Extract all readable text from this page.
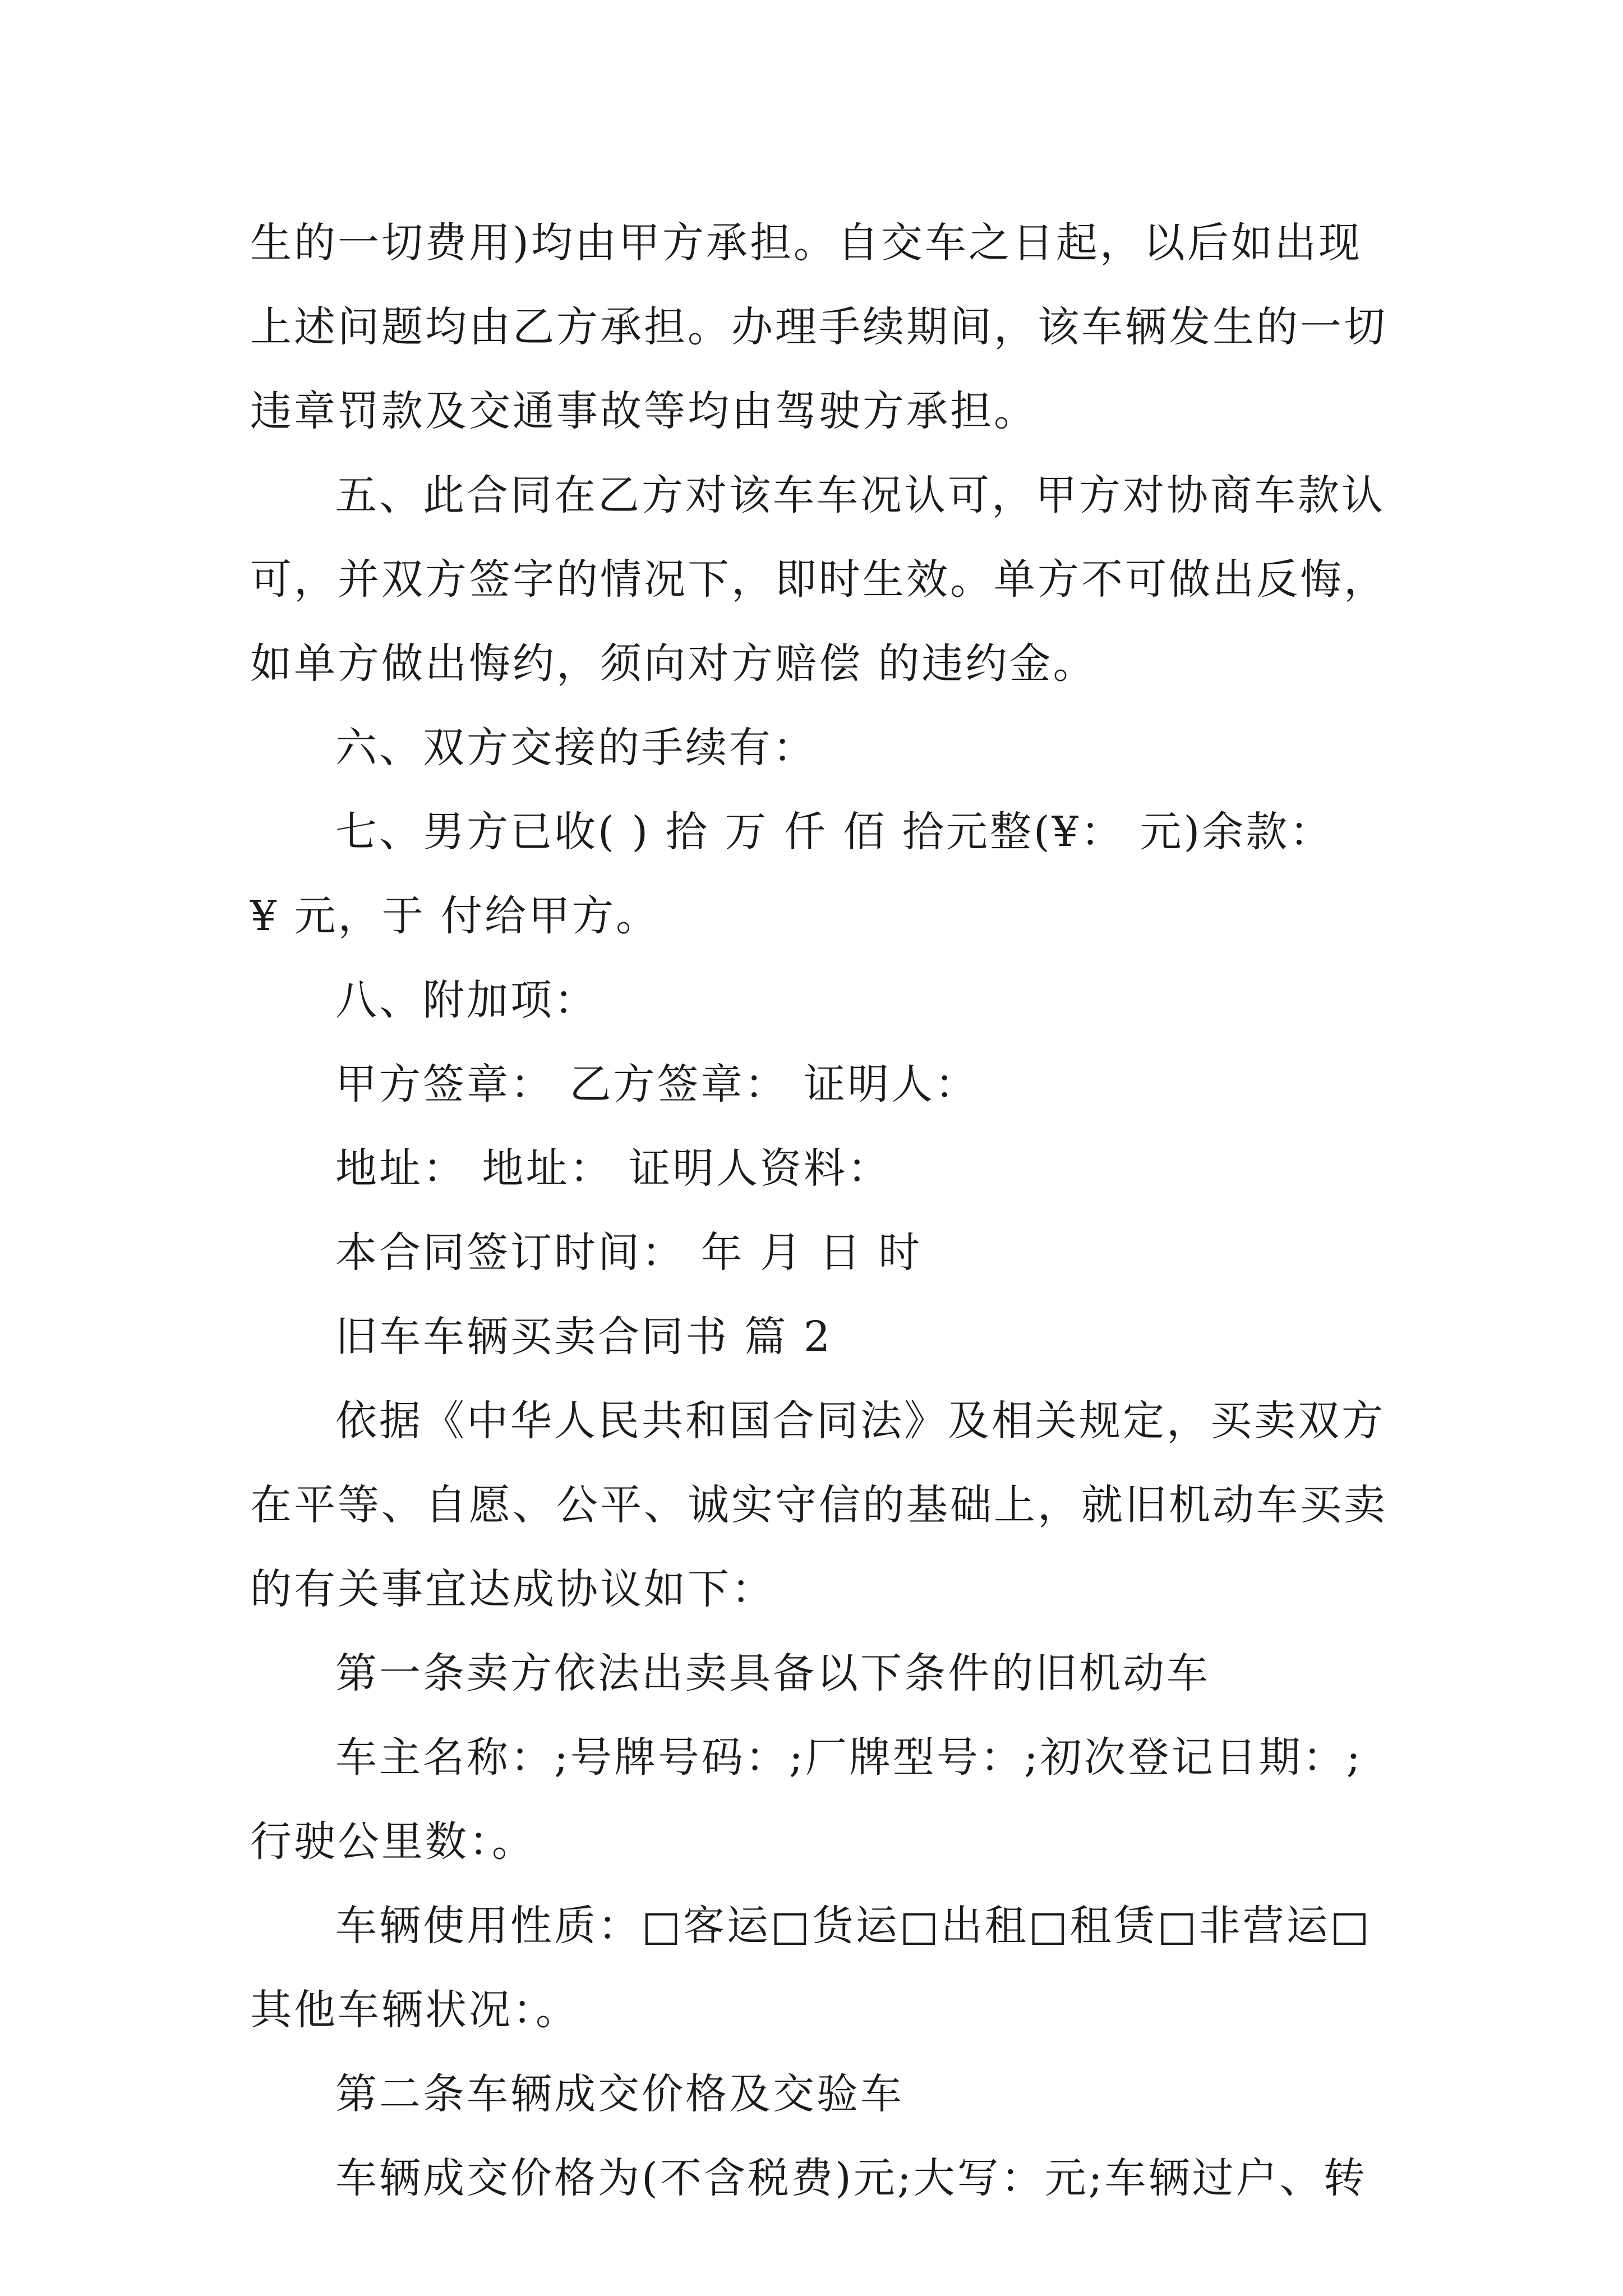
生的一切费用)均由甲方承担。自交车之日起，以后如出现
上述问题均由乙方承担。办理手续期间，该车辆发生的一切
违章罚款及交通事故等均由驾驶方承担。
五、此合同在乙方对该车车况认可，甲方对协商车款认
可，并双方签字的情况下，即时生效。单方不可做出反悔，
如单方做出悔约，须向对方赔偿 的违约金。
六、双方交接的手续有：
七、男方已收( ) 拾 万 仟 佰 拾元整(¥： 元)余款：
¥ 元，于 付给甲方。
八、附加项：
甲方签章： 乙方签章： 证明人：
地址： 地址： 证明人资料：
本合同签订时间： 年 月 日 时
旧车车辆买卖合同书 篇 2
依据《中华人民共和国合同法》及相关规定，买卖双方
在平等、自愿、公平、诚实守信的基础上，就旧机动车买卖
的有关事宜达成协议如下：
第一条卖方依法出卖具备以下条件的旧机动车
车主名称：;号牌号码：;厂牌型号：;初次登记日期：;
行驶公里数：。
车辆使用性质：□客运□货运□出租□租赁□非营运□
其他车辆状况：。
第二条车辆成交价格及交验车
车辆成交价格为(不含税费)元;大写：元;车辆过户、转
